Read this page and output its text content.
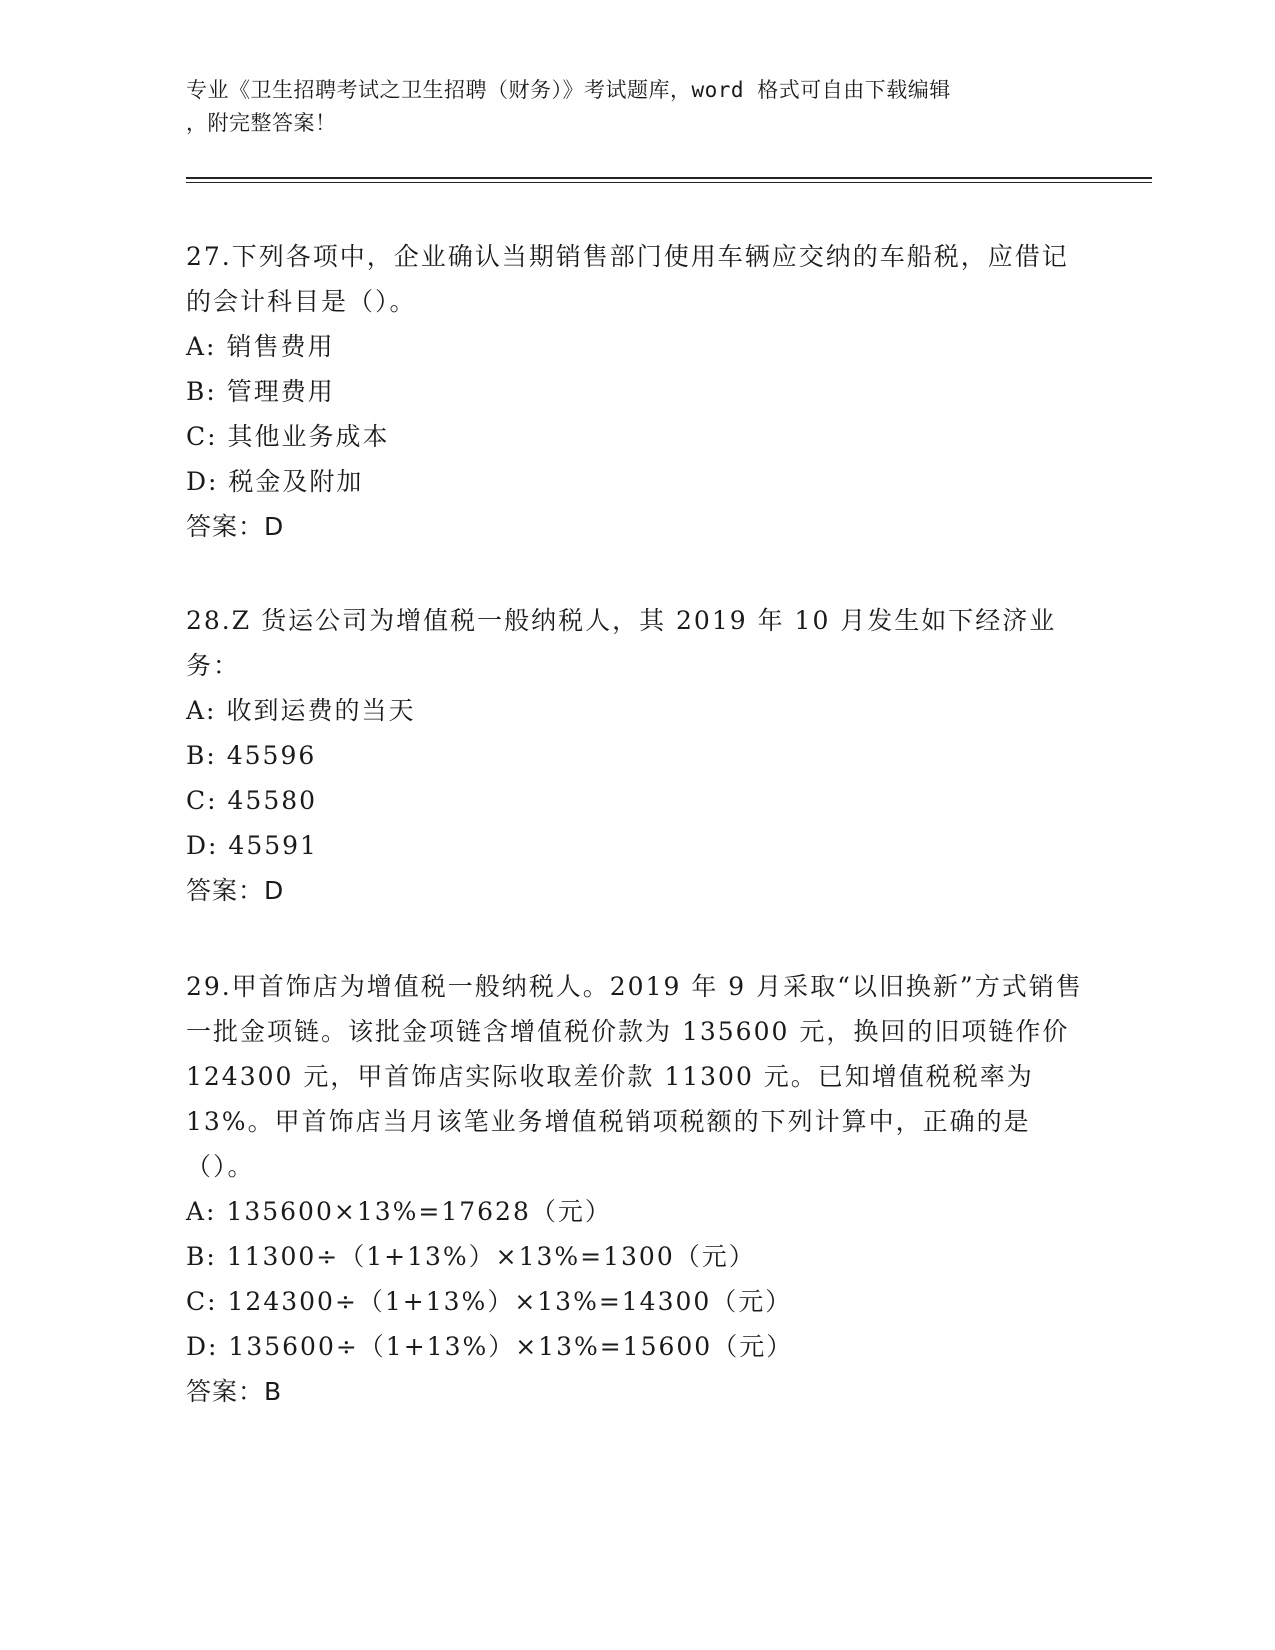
专业《卫生招聘考试之卫生招聘（财务）》考试题库，word 格式可自由下载编辑
，附完整答案！

27.下列各项中，企业确认当期销售部门使用车辆应交纳的车船税，应借记的会计科目是（）。

A: 销售费用

B: 管理费用

C: 其他业务成本

D: 税金及附加

答案：D

28.Z 货运公司为增值税一般纳税人，其 2019 年 10 月发生如下经济业务：

A: 收到运费的当天

B: 45596

C: 45580

D: 45591

答案：D

29.甲首饰店为增值税一般纳税人。2019 年 9 月采取“以旧换新”方式销售一批金项链。该批金项链含增值税价款为 135600 元，换回的旧项链作价 124300 元，甲首饰店实际收取差价款 11300 元。已知增值税税率为 13%。甲首饰店当月该笔业务增值税销项税额的下列计算中，正确的是（）。

A: 135600×13%=17628（元）

B: 11300÷（1+13%）×13%=1300（元）

C: 124300÷（1+13%）×13%=14300（元）

D: 135600÷（1+13%）×13%=15600（元）

答案：B
